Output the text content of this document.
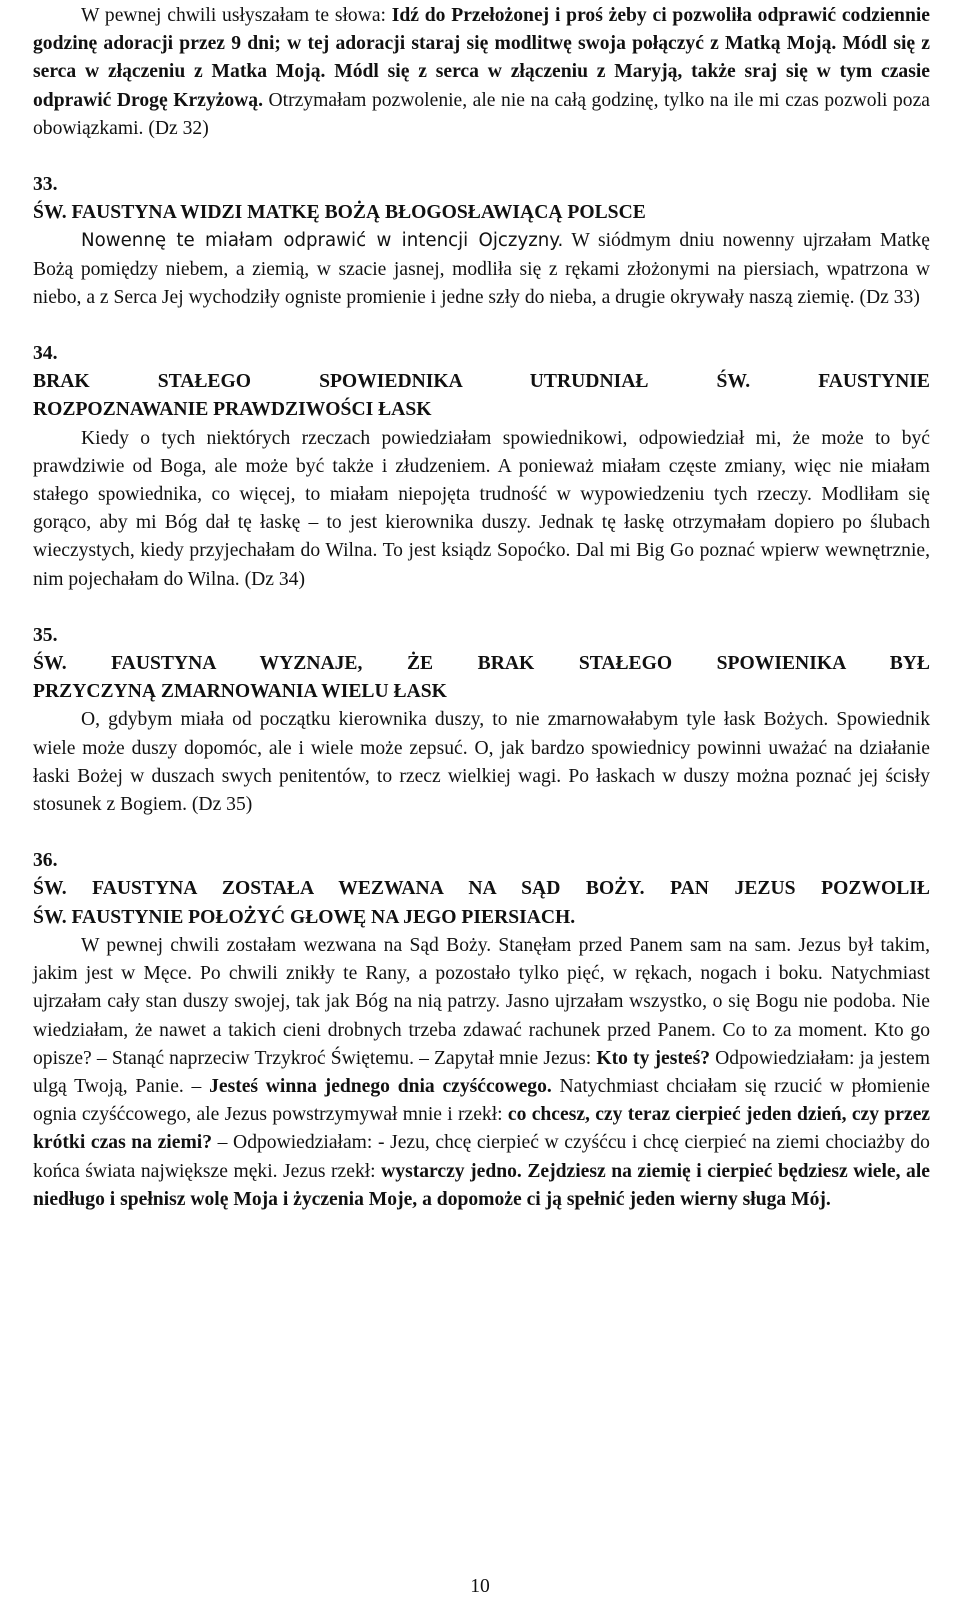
W pewnej chwili usłyszałam te słowa: Idź do Przełożonej i proś żeby ci pozwoliła odprawić codziennie godzinę adoracji przez 9 dni; w tej adoracji staraj się modlitwę swoja połączyć z Matką Moją. Módl się z serca w złączeniu z Matka Moją. Módl się z serca w złączeniu z Maryją, także sraj się w tym czasie odprawić Drogę Krzyżową. Otrzymałam pozwolenie, ale nie na całą godzinę, tylko na ile mi czas pozwoli poza obowiązkami. (Dz 32)

33.

ŚW. FAUSTYNA WIDZI MATKĘ BOŻĄ BŁOGOSŁAWIĄCĄ POLSCE

Nowennę te miałam odprawić w intencji Ojczyzny. W siódmym dniu nowenny ujrzałam Matkę Bożą pomiędzy niebem, a ziemią, w szacie jasnej, modliła się z rękami złożonymi na piersiach, wpatrzona w niebo, a z Serca Jej wychodziły ogniste promienie i jedne szły do nieba, a drugie okrywały naszą ziemię. (Dz 33)

34.

BRAK STAŁEGO SPOWIEDNIKA UTRUDNIAŁ ŚW. FAUSTYNIE

ROZPOZNAWANIE PRAWDZIWOŚCI ŁASK

Kiedy o tych niektórych rzeczach powiedziałam spowiednikowi, odpowiedział mi, że może to być prawdziwie od Boga, ale może być także i złudzeniem. A ponieważ miałam częste zmiany, więc nie miałam stałego spowiednika, co więcej, to miałam niepojęta trudność w wypowiedzeniu tych rzeczy. Modliłam się gorąco, aby mi Bóg dał tę łaskę – to jest kierownika duszy. Jednak tę łaskę otrzymałam dopiero po ślubach wieczystych, kiedy przyjechałam do Wilna. To jest ksiądz Sopoćko. Dal mi Big Go poznać wpierw wewnętrznie, nim pojechałam do Wilna. (Dz 34)

35.

ŚW. FAUSTYNA WYZNAJE, ŻE BRAK STAŁEGO SPOWIENIKA BYŁ

PRZYCZYNĄ ZMARNOWANIA WIELU ŁASK

O, gdybym miała od początku kierownika duszy, to nie zmarnowałabym tyle łask Bożych. Spowiednik wiele może duszy dopomóc, ale i wiele może zepsuć. O, jak bardzo spowiednicy powinni uważać na działanie łaski Bożej w duszach swych penitentów, to rzecz wielkiej wagi. Po łaskach w duszy można poznać jej ścisły stosunek z Bogiem. (Dz 35)

36.

ŚW. FAUSTYNA ZOSTAŁA WEZWANA NA SĄD BOŻY. PAN JEZUS POZWOLIŁ

ŚW. FAUSTYNIE POŁOŻYĆ GŁOWĘ NA JEGO PIERSIACH.

W pewnej chwili zostałam wezwana na Sąd Boży. Stanęłam przed Panem sam na sam. Jezus był takim, jakim jest w Męce. Po chwili znikły te Rany, a pozostało tylko pięć, w rękach, nogach i boku. Natychmiast ujrzałam cały stan duszy swojej, tak jak Bóg na nią patrzy. Jasno ujrzałam wszystko, o się Bogu nie podoba. Nie wiedziałam, że nawet a takich cieni drobnych trzeba zdawać rachunek przed Panem. Co to za moment. Kto go opisze? – Stanąć naprzeciw Trzykroć Świętemu. – Zapytał mnie Jezus: Kto ty jesteś? Odpowiedziałam: ja jestem ulgą Twoją, Panie. – Jesteś winna jednego dnia czyśćcowego. Natychmiast chciałam się rzucić w płomienie ognia czyśćcowego, ale Jezus powstrzymywał mnie i rzekł: co chcesz, czy teraz cierpieć jeden dzień, czy przez krótki czas na ziemi? – Odpowiedziałam: - Jezu, chcę cierpieć w czyśćcu i chcę cierpieć na ziemi chociażby do końca świata największe męki. Jezus rzekł: wystarczy jedno. Zejdziesz na ziemię i cierpieć będziesz wiele, ale niedługo i spełnisz wolę Moja i życzenia Moje, a dopomoże ci ją spełnić jeden wierny sługa Mój.

10
